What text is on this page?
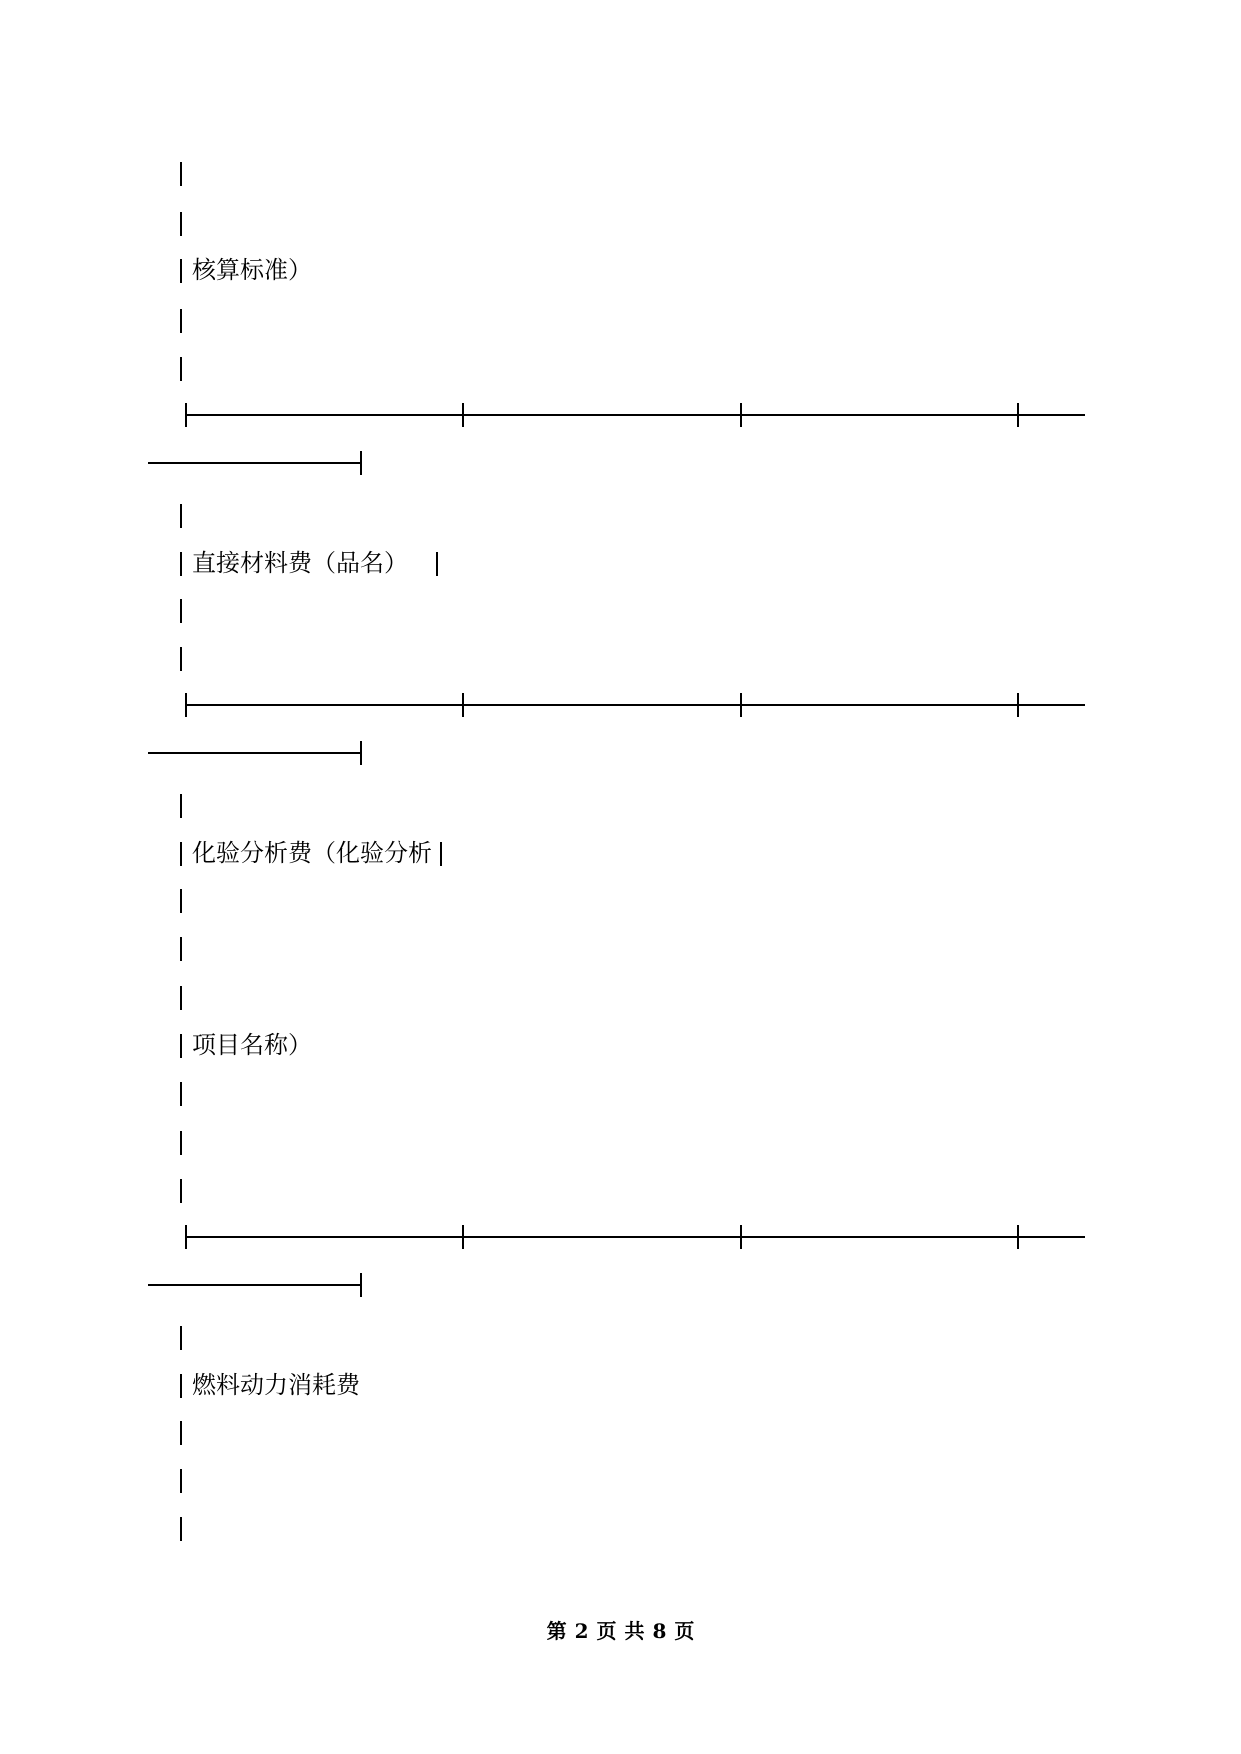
核算标准）
直接材料费（品名）
化验分析费（化验分析
项目名称）
燃料动力消耗费
第 2 页 共 8 页
